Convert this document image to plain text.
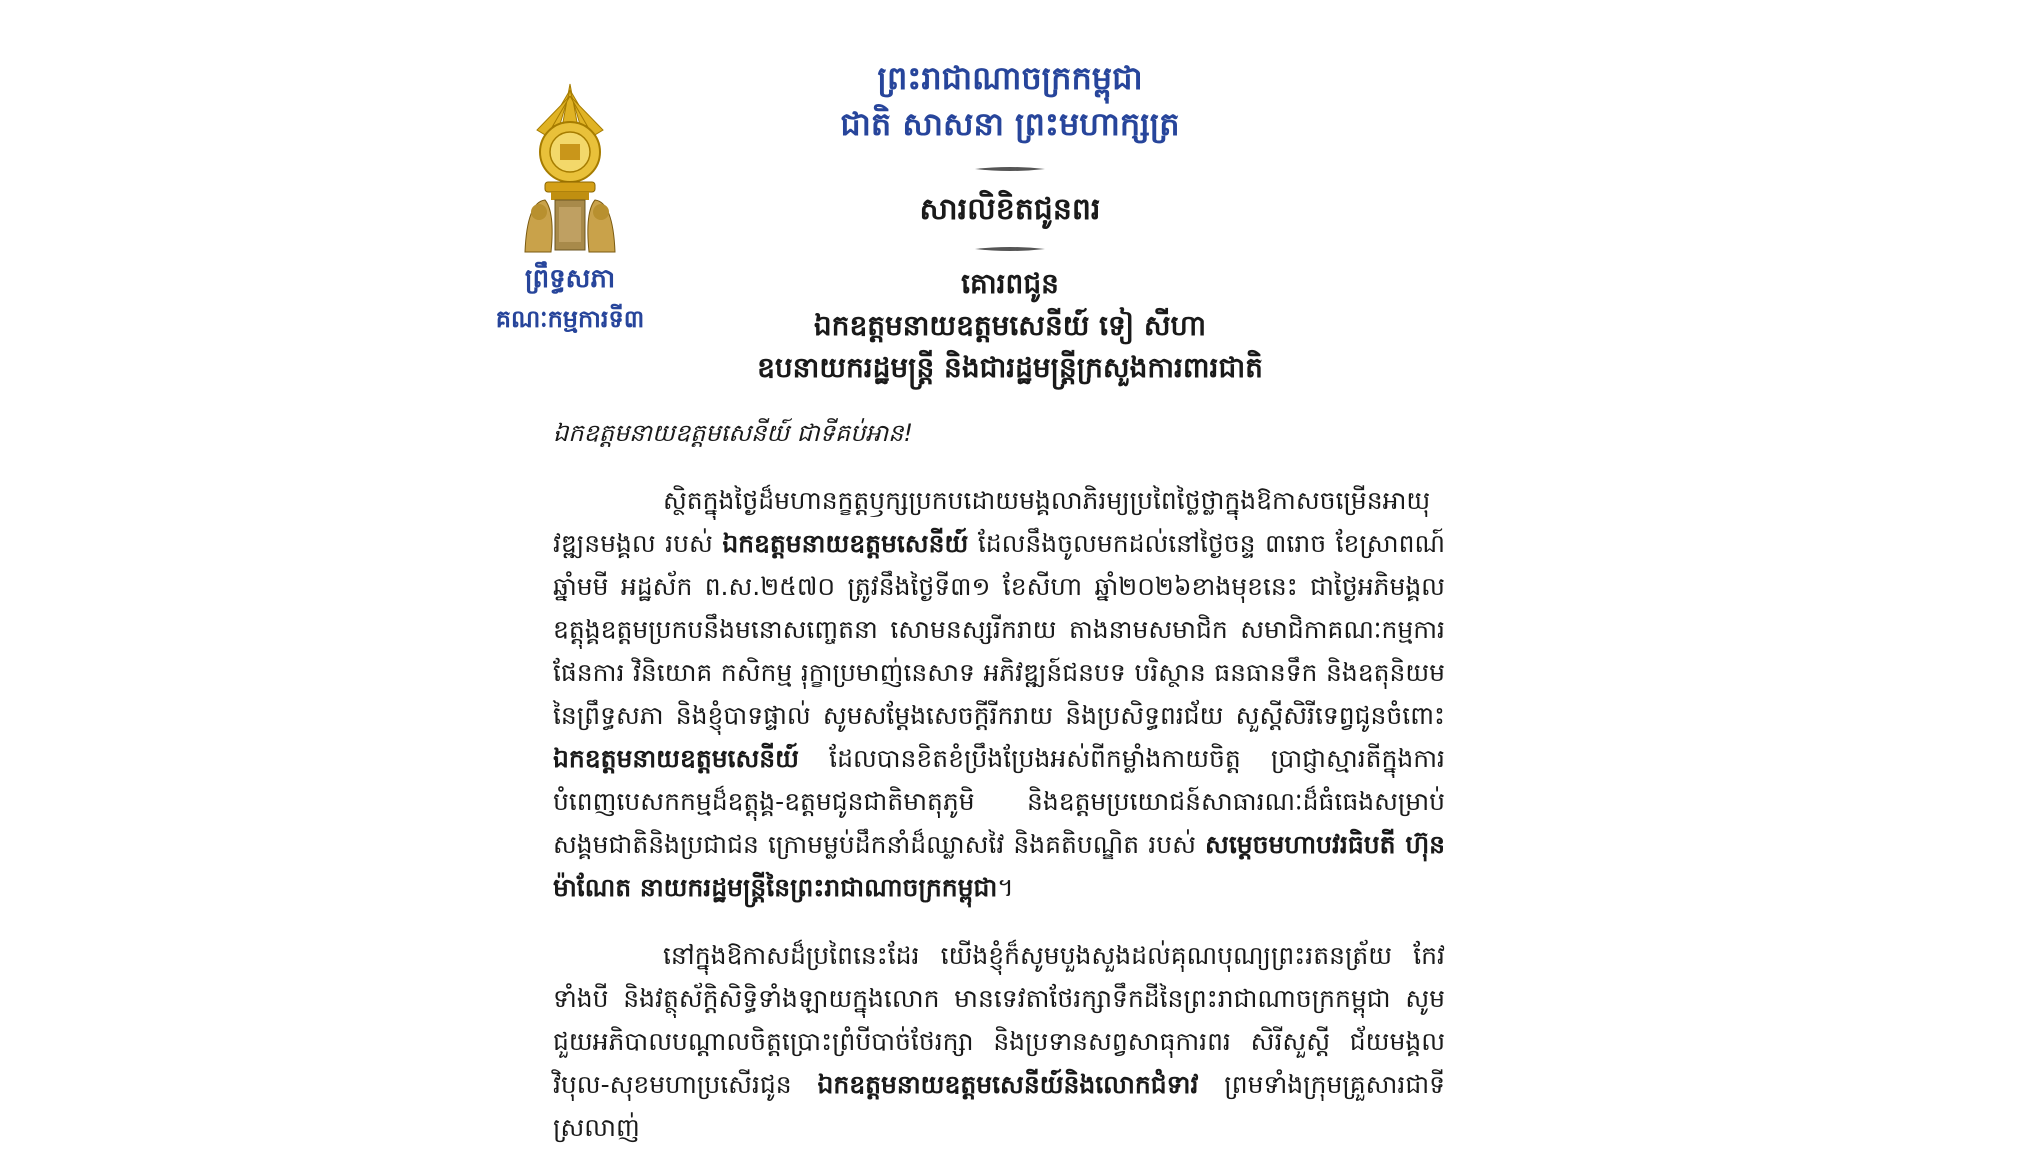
ព្រឹទ្ធសភា
គណៈកម្មការទី៣
ព្រះរាជាណាចក្រកម្ពុជា
ជាតិ សាសនា ព្រះមហាក្សត្រ
សារលិខិតជូនពរ
គោរពជូន
ឯកឧត្តមនាយឧត្តមសេនីយ៍ ទៀ សីហា
ឧបនាយករដ្ឋមន្ត្រី និងជារដ្ឋមន្ត្រីក្រសួងការពារជាតិ
ឯកឧត្តមនាយឧត្តមសេនីយ៍ ជាទីគប់អាន!
ស្ថិតក្នុងថ្ងៃដ៏មហានក្ខត្តឫក្សប្រកបដោយមង្គលាភិរម្យប្រពៃថ្លៃថ្លាក្នុងឱកាសចម្រើនអាយុវឌ្ឍនមង្គល របស់ ឯកឧត្តមនាយឧត្តមសេនីយ៍ ដែលនឹងចូលមកដល់នៅថ្ងៃចន្ទ ៣រោច ខែស្រាពណ៍ ឆ្នាំមមី អដ្ឋស័ក ព.ស.២៥៧០ ត្រូវនឹងថ្ងៃទី៣១ ខែសីហា ឆ្នាំ២០២៦ខាងមុខនេះ ជាថ្ងៃអភិមង្គលឧត្តុង្គឧត្តមប្រកបនឹងមនោសញ្ចេតនា សោមនស្សរីករាយ តាងនាមសមាជិក សមាជិកាគណៈកម្មការផែនការ វិនិយោគ កសិកម្ម រុក្ខាប្រមាញ់នេសាទ អភិវឌ្ឍន៍ជនបទ បរិស្ថាន ធនធានទឹក និងឧតុនិយម នៃព្រឹទ្ធសភា និងខ្ញុំបាទផ្ទាល់ សូមសម្តែងសេចក្តីរីករាយ និងប្រសិទ្ធពរជ័យ សួស្តីសិរីទេព្វជូនចំពោះ ឯកឧត្តមនាយឧត្តមសេនីយ៍ ដែលបានខិតខំប្រឹងប្រែងអស់ពីកម្លាំងកាយចិត្ត ប្រាជ្ញាស្មារតីក្នុងការបំពេញបេសកកម្មដ៏ឧត្តុង្គ-ឧត្តមជូនជាតិមាតុភូមិ និងឧត្តមប្រយោជន៍សាធារណៈដ៏ធំធេងសម្រាប់សង្គមជាតិនិងប្រជាជន ក្រោមម្លប់ដឹកនាំដ៏ឈ្លាសវៃ និងគតិបណ្ឌិត របស់ សម្តេចមហាបវរធិបតី ហ៊ុន ម៉ាណែត នាយករដ្ឋមន្ត្រីនៃព្រះរាជាណាចក្រកម្ពុជា។
នៅក្នុងឱកាសដ៏ប្រពៃនេះដែរ យើងខ្ញុំក៏សូមបួងសួងដល់គុណបុណ្យព្រះរតនត្រ័យ កែវទាំងបី និងវត្ថុស័ក្តិសិទ្ធិទាំងឡាយក្នុងលោក មានទេវតាថែរក្សាទឹកដីនៃព្រះរាជាណាចក្រកម្ពុជា សូមជួយអភិបាលបណ្តាលចិត្តប្រោះព្រំបីបាច់ថែរក្សា និងប្រទានសព្វសាធុការពរ សិរីសួស្តី ជ័យមង្គល វិបុល-សុខមហាប្រសើរជូន ឯកឧត្តមនាយឧត្តមសេនីយ៍និងលោកជំទាវ ព្រមទាំងក្រុមគ្រួសារជាទីស្រលាញ់
